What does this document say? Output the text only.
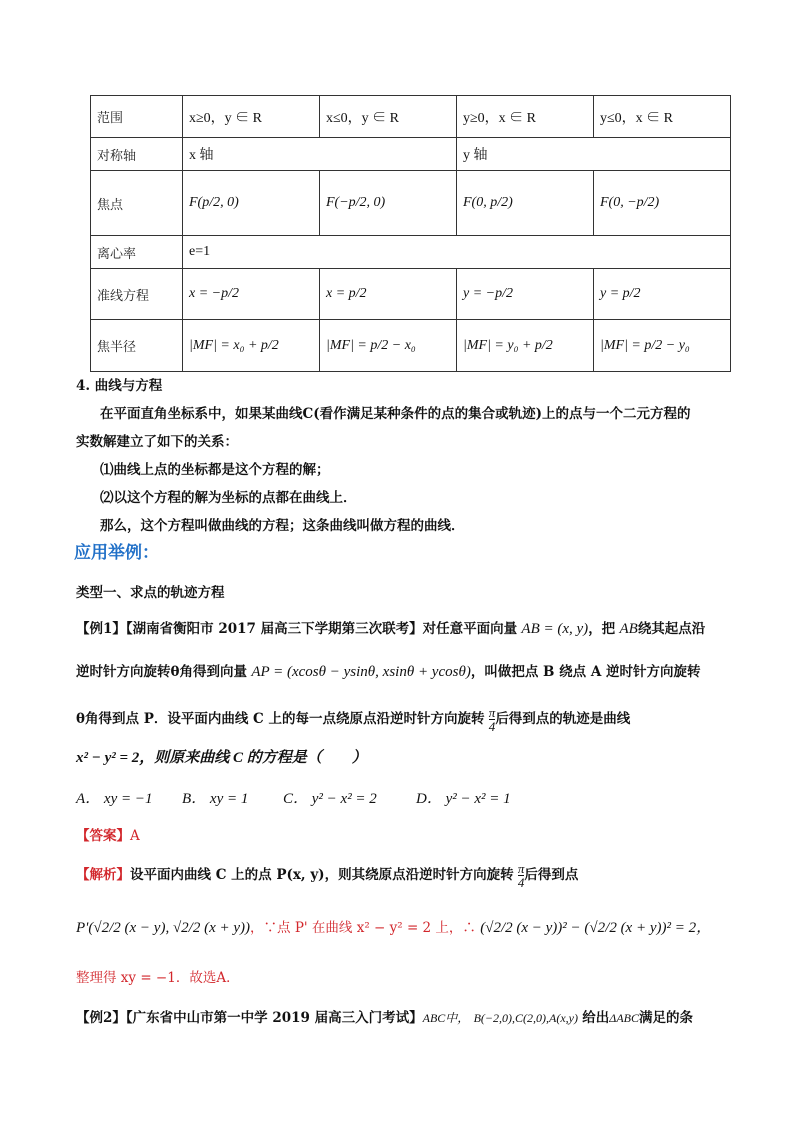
范围	x≥0，y ∈ R	x≤0，y ∈ R	y≥0，x ∈ R	y≤0，x ∈ R
对称轴	x 轴		y 轴	
焦点	F(p/2, 0)	F(−p/2, 0)	F(0, p/2)	F(0, −p/2)
离心率	e=1			
准线方程	x = −p/2	x = p/2	y = −p/2	y = p/2
焦半径	|MF| = x₀ + p/2	|MF| = p/2 − x₀	|MF| = y₀ + p/2	|MF| = p/2 − y₀
4. 曲线与方程
在平面直角坐标系中，如果某曲线C(看作满足某种条件的点的集合或轨迹)上的点与一个二元方程的
实数解建立了如下的关系：
⑴曲线上点的坐标都是这个方程的解；
⑵以这个方程的解为坐标的点都在曲线上．
那么，这个方程叫做曲线的方程；这条曲线叫做方程的曲线．
应用举例：
类型一、求点的轨迹方程
【例1】【湖南省衡阳市 2017 届高三下学期第三次联考】对任意平面向量 AB = (x, y)，把 AB绕其起点沿
逆时针方向旋转θ角得到向量 AP = (xcosθ − ysinθ, xsinθ + ycosθ)，叫做把点 B 绕点 A 逆时针方向旋转
θ角得到点 P．设平面内曲线 C 上的每一点绕原点沿逆时针方向旋转 $\frac{\pi}{4}$ 后得到点的轨迹是曲线
x² − y² = 2，则原来曲线 C 的方程是（　　）
A． xy = −1 B． xy = 1 C． y² − x² = 2	D． y² − x² = 1
【答案】A
【解析】设平面内曲线 C 上的点 P(x, y)，则其绕原点沿逆时针方向旋转 $\frac{\pi}{4}$ 后得到点
P'(√2/2 (x − y), √2/2 (x + y))，∵点 P' 在曲线 x² − y² = 2 上，∴ (√2/2 (x − y))² − (√2/2 (x + y))² = 2，
整理得 xy = −1．故选A．
【例2】【广东省中山市第一中学 2019 届高三入门考试】ABC中， B(−2,0),C(2,0),A(x,y) 给出ΔABC满足的条
